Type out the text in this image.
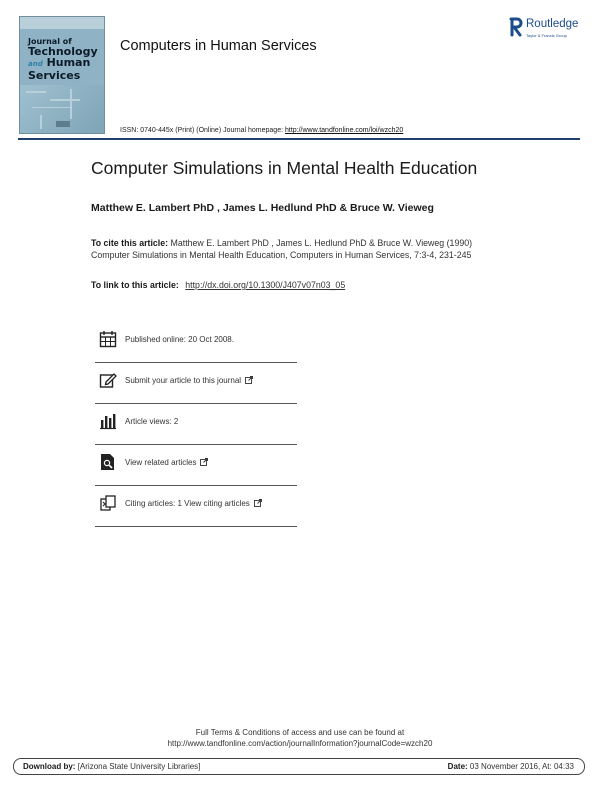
Journal of
Technology
and Human
Services
Computers in Human Services
Routledge
Taylor & Francis Group
ISSN: 0740-445x (Print) (Online) Journal homepage: http://www.tandfonline.com/loi/wzch20
Computer Simulations in Mental Health Education
Matthew E. Lambert PhD , James L. Hedlund PhD & Bruce W. Vieweg
To cite this article: Matthew E. Lambert PhD , James L. Hedlund PhD & Bruce W. Vieweg (1990) Computer Simulations in Mental Health Education, Computers in Human Services, 7:3-4, 231-245
To link to this article: http://dx.doi.org/10.1300/J407v07n03_05
Published online: 20 Oct 2008.
Submit your article to this journal
Article views: 2
View related articles
Citing articles: 1 View citing articles
Full Terms & Conditions of access and use can be found at
http://www.tandfonline.com/action/journalInformation?journalCode=wzch20
Download by: [Arizona State University Libraries]	Date: 03 November 2016, At: 04:33
